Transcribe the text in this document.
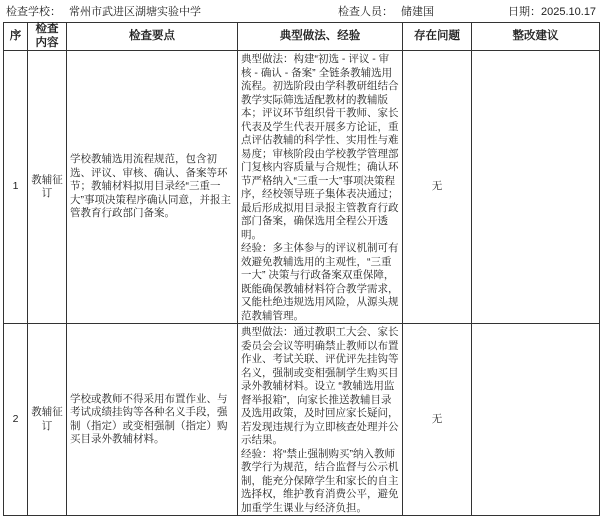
检查学校： 常州市武进区湖塘实验中学	检查人员： 储建国	日期：2025.10.17
序	检查内容	检查要点	典型做法、经验	存在问题	整改建议
1	教辅征订	学校教辅选用流程规范，包含初选、评议、审核、确认、备案等环节；教辅材料拟用目录经“三重一大”事项决策程序确认同意，并报主管教育行政部门备案。	典型做法：构建“初选 - 评议 - 审核 - 确认 - 备案” 全链条教辅选用流程。初选阶段由学科教研组结合教学实际筛选适配教材的教辅版本；评议环节组织骨干教师、家长代表及学生代表开展多方论证，重点评估教辅的科学性、实用性与难易度；审核阶段由学校教学管理部门复核内容质量与合规性；确认环节严格纳入“三重一大”事项决策程序，经校领导班子集体表决通过；最后形成拟用目录报主管教育行政部门备案，确保选用全程公开透明。
经验：多主体参与的评议机制可有效避免教辅选用的主观性，“三重一大” 决策与行政备案双重保障，既能确保教辅材料符合教学需求，又能杜绝违规选用风险，从源头规范教辅管理。	无	
2	教辅征订	学校或教师不得采用布置作业、与考试成绩挂钩等各种名义手段，强制（指定）或变相强制（指定）购买目录外教辅材料。	典型做法：通过教职工大会、家长委员会会议等明确禁止教师以布置作业、考试关联、评优评先挂钩等名义，强制或变相强制学生购买目录外教辅材料。设立 “教辅选用监督举报箱”，向家长推送教辅目录及选用政策，及时回应家长疑问，若发现违规行为立即核查处理并公示结果。
经验：将“禁止强制购买”纳入教师教学行为规范，结合监督与公示机制，能充分保障学生和家长的自主选择权，维护教育消费公平，避免加重学生课业与经济负担。	无	
